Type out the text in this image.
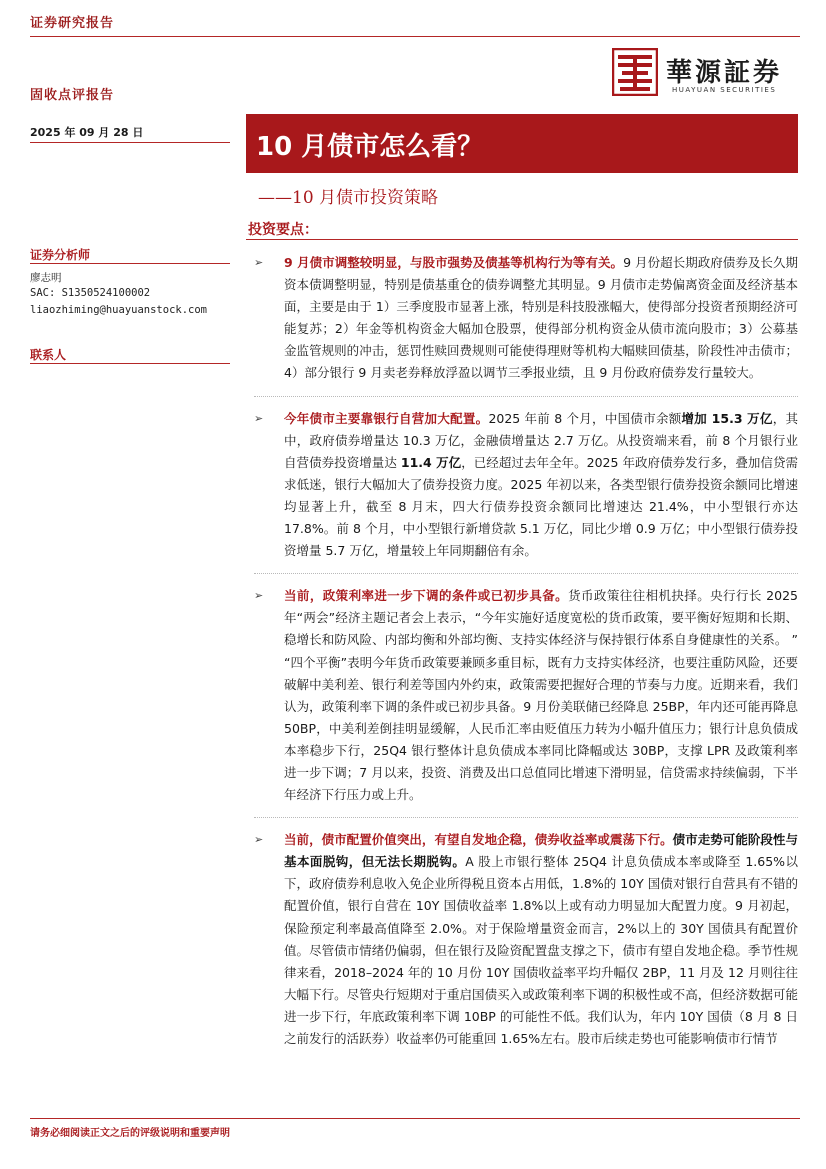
证券研究报告
固收点评报告
華源証券
HUAYUAN SECURITIES
2025 年 09 月 28 日	10 月债市怎么看？
——10 月债市投资策略
投资要点：
证券分析师
廖志明
SAC: S1350524100002
liaozhiming@huayuanstock.com
联系人
➢ 9 月债市调整较明显，与股市强势及债基等机构行为等有关。9 月份超长期政府债券及长久期资本债调整明显，特别是债基重仓的债券调整尤其明显。9 月债市走势偏离资金面及经济基本面，主要是由于 1）三季度股市显著上涨，特别是科技股涨幅大，使得部分投资者预期经济可能复苏；2）年金等机构资金大幅加仓股票，使得部分机构资金从债市流向股市；3）公募基金监管规则的冲击，惩罚性赎回费规则可能使得理财等机构大幅赎回债基，阶段性冲击债市；4）部分银行 9 月卖老券释放浮盈以调节三季报业绩，且 9 月份政府债券发行量较大。
➢ 今年债市主要靠银行自营加大配置。2025 年前 8 个月，中国债市余额增加 15.3 万亿，其中，政府债券增量达 10.3 万亿，金融债增量达 2.7 万亿。从投资端来看，前 8 个月银行业自营债券投资增量达 11.4 万亿，已经超过去年全年。2025 年政府债券发行多，叠加信贷需求低迷，银行大幅加大了债券投资力度。2025 年初以来，各类型银行债券投资余额同比增速均显著上升，截至 8 月末，四大行债券投资余额同比增速达 21.4%，中小型银行亦达 17.8%。前 8 个月，中小型银行新增贷款 5.1 万亿，同比少增 0.9 万亿；中小型银行债券投资增量 5.7 万亿，增量较上年同期翻倍有余。
➢ 当前，政策利率进一步下调的条件或已初步具备。货币政策往往相机抉择。央行行长 2025 年“两会”经济主题记者会上表示，“今年实施好适度宽松的货币政策，要平衡好短期和长期、稳增长和防风险、内部均衡和外部均衡、支持实体经济与保持银行体系自身健康性的关系。 ” “四个平衡”表明今年货币政策要兼顾多重目标，既有力支持实体经济，也要注重防风险，还要破解中美利差、银行利差等国内外约束，政策需要把握好合理的节奏与力度。近期来看，我们认为，政策利率下调的条件或已初步具备。9 月份美联储已经降息 25BP，年内还可能再降息 50BP，中美利差倒挂明显缓解，人民币汇率由贬值压力转为小幅升值压力；银行计息负债成本率稳步下行，25Q4 银行整体计息负债成本率同比降幅或达 30BP，支撑 LPR 及政策利率进一步下调；7 月以来，投资、消费及出口总值同比增速下滑明显，信贷需求持续偏弱，下半年经济下行压力或上升。
➢ 当前，债市配置价值突出，有望自发地企稳，债券收益率或震荡下行。债市走势可能阶段性与基本面脱钩，但无法长期脱钩。A 股上市银行整体 25Q4 计息负债成本率或降至 1.65%以下，政府债券利息收入免企业所得税且资本占用低，1.8%的 10Y 国债对银行自营具有不错的配置价值，银行自营在 10Y 国债收益率 1.8%以上或有动力明显加大配置力度。9 月初起，保险预定利率最高值降至 2.0%。对于保险增量资金而言，2%以上的 30Y 国债具有配置价值。尽管债市情绪仍偏弱，但在银行及险资配置盘支撑之下，债市有望自发地企稳。季节性规律来看，2018–2024 年的 10 月份 10Y 国债收益率平均升幅仅 2BP，11 月及 12 月则往往大幅下行。尽管央行短期对于重启国债买入或政策利率下调的积极性或不高，但经济数据可能进一步下行，年底政策利率下调 10BP 的可能性不低。我们认为，年内 10Y 国债（8 月 8 日之前发行的活跃券）收益率仍可能重回 1.65%左右。股市后续走势也可能影响债市行情节
请务必细阅读正文之后的评级说明和重要声明
